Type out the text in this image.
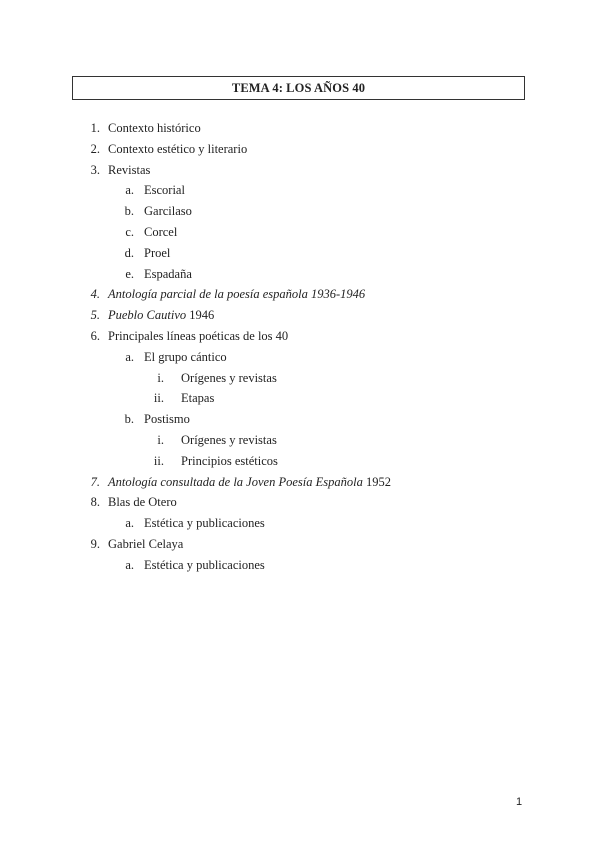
TEMA 4: LOS AÑOS 40
1. Contexto histórico
2. Contexto estético y literario
3. Revistas
a. Escorial
b. Garcilaso
c. Corcel
d. Proel
e. Espadaña
4. Antología parcial de la poesía española 1936-1946
5. Pueblo Cautivo 1946
6. Principales líneas poéticas de los 40
a. El grupo cántico
i. Orígenes y revistas
ii. Etapas
b. Postismo
i. Orígenes y revistas
ii. Principios estéticos
7. Antología consultada de la Joven Poesía Española 1952
8. Blas de Otero
a. Estética y publicaciones
9. Gabriel Celaya
a. Estética y publicaciones
1
